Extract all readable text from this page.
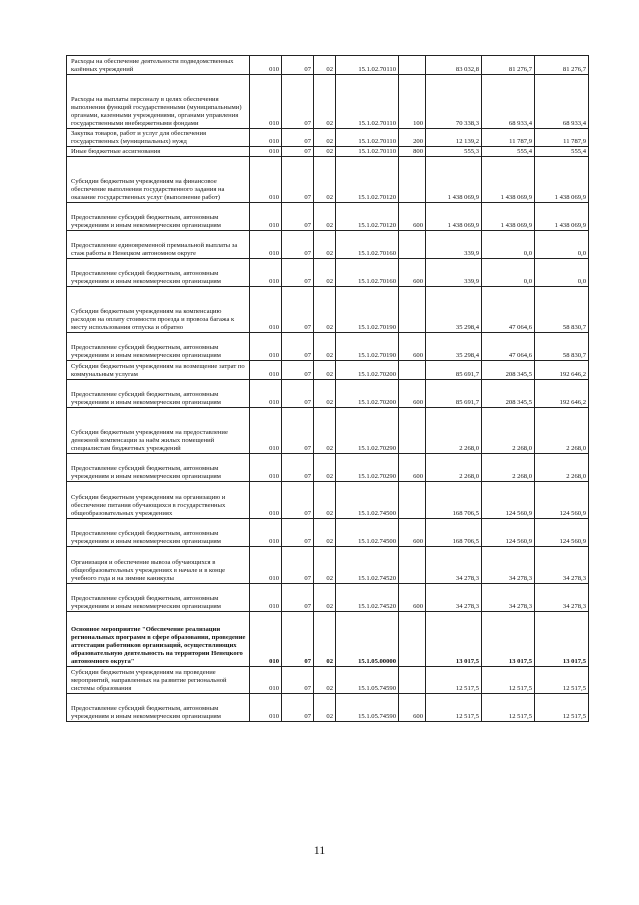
Расходы на обеспечение деятельности подведомственных казённых учреждений	010	07	02	15.1.02.70110		83 032,8	81 276,7	81 276,7
Расходы на выплаты персоналу в целях обеспечения выполнения функций государственными (муниципальными) органами, казенными учреждениями, органами управления государственными внебюджетными фондами	010	07	02	15.1.02.70110	100	70 338,3	68 933,4	68 933,4
Закупка товаров, работ и услуг для обеспечения государственных (муниципальных) нужд	010	07	02	15.1.02.70110	200	12 139,2	11 787,9	11 787,9
Иные бюджетные ассигнования	010	07	02	15.1.02.70110	800	555,3	555,4	555,4
Субсидии бюджетным учреждениям на финансовое обеспечение выполнения государственного задания на оказание государственных услуг (выполнение работ)	010	07	02	15.1.02.70120		1 438 069,9	1 438 069,9	1 438 069,9
Предоставление субсидий бюджетным, автономным учреждениям и иным некоммерческим организациям	010	07	02	15.1.02.70120	600	1 438 069,9	1 438 069,9	1 438 069,9
Предоставление единовременной премиальной выплаты за стаж работы в Ненецком автономном округе	010	07	02	15.1.02.70160		339,9	0,0	0,0
Предоставление субсидий бюджетным, автономным учреждениям и иным некоммерческим организациям	010	07	02	15.1.02.70160	600	339,9	0,0	0,0
Субсидии бюджетным учреждениям на компенсацию расходов на оплату стоимости проезда и провоза багажа к месту использования отпуска и обратно	010	07	02	15.1.02.70190		35 298,4	47 064,6	58 830,7
Предоставление субсидий бюджетным, автономным учреждениям и иным некоммерческим организациям	010	07	02	15.1.02.70190	600	35 298,4	47 064,6	58 830,7
Субсидии бюджетным учреждениям на возмещение затрат по коммунальным услугам	010	07	02	15.1.02.70200		85 691,7	208 345,5	192 646,2
Предоставление субсидий бюджетным, автономным учреждениям и иным некоммерческим организациям	010	07	02	15.1.02.70200	600	85 691,7	208 345,5	192 646,2
Субсидии бюджетным учреждениям на предоставление денежной компенсации за наём жилых помещений специалистам бюджетных учреждений	010	07	02	15.1.02.70290		2 268,0	2 268,0	2 268,0
Предоставление субсидий бюджетным, автономным учреждениям и иным некоммерческим организациям	010	07	02	15.1.02.70290	600	2 268,0	2 268,0	2 268,0
Субсидии бюджетным учреждениям на организацию и обеспечение питания обучающихся в государственных общеобразовательных учреждениях	010	07	02	15.1.02.74500		168 706,5	124 560,9	124 560,9
Предоставление субсидий бюджетным, автономным учреждениям и иным некоммерческим организациям	010	07	02	15.1.02.74500	600	168 706,5	124 560,9	124 560,9
Организация и обеспечение вывоза обучающихся в общеобразовательных учреждениях в начале и в конце учебного года и на зимние каникулы	010	07	02	15.1.02.74520		34 278,3	34 278,3	34 278,3
Предоставление субсидий бюджетным, автономным учреждениям и иным некоммерческим организациям	010	07	02	15.1.02.74520	600	34 278,3	34 278,3	34 278,3
Основное мероприятие "Обеспечение реализации региональных программ в сфере образования, проведение аттестации работников организаций, осуществляющих образовательную деятельность на территории Ненецкого автономного округа"	010	07	02	15.1.05.00000		13 017,5	13 017,5	13 017,5
Субсидии бюджетным учреждениям на проведение мероприятий, направленных на развитие региональной системы образования	010	07	02	15.1.05.74590		12 517,5	12 517,5	12 517,5
Предоставление субсидий бюджетным, автономным учреждениям и иным некоммерческим организациям	010	07	02	15.1.05.74590	600	12 517,5	12 517,5	12 517,5
11
